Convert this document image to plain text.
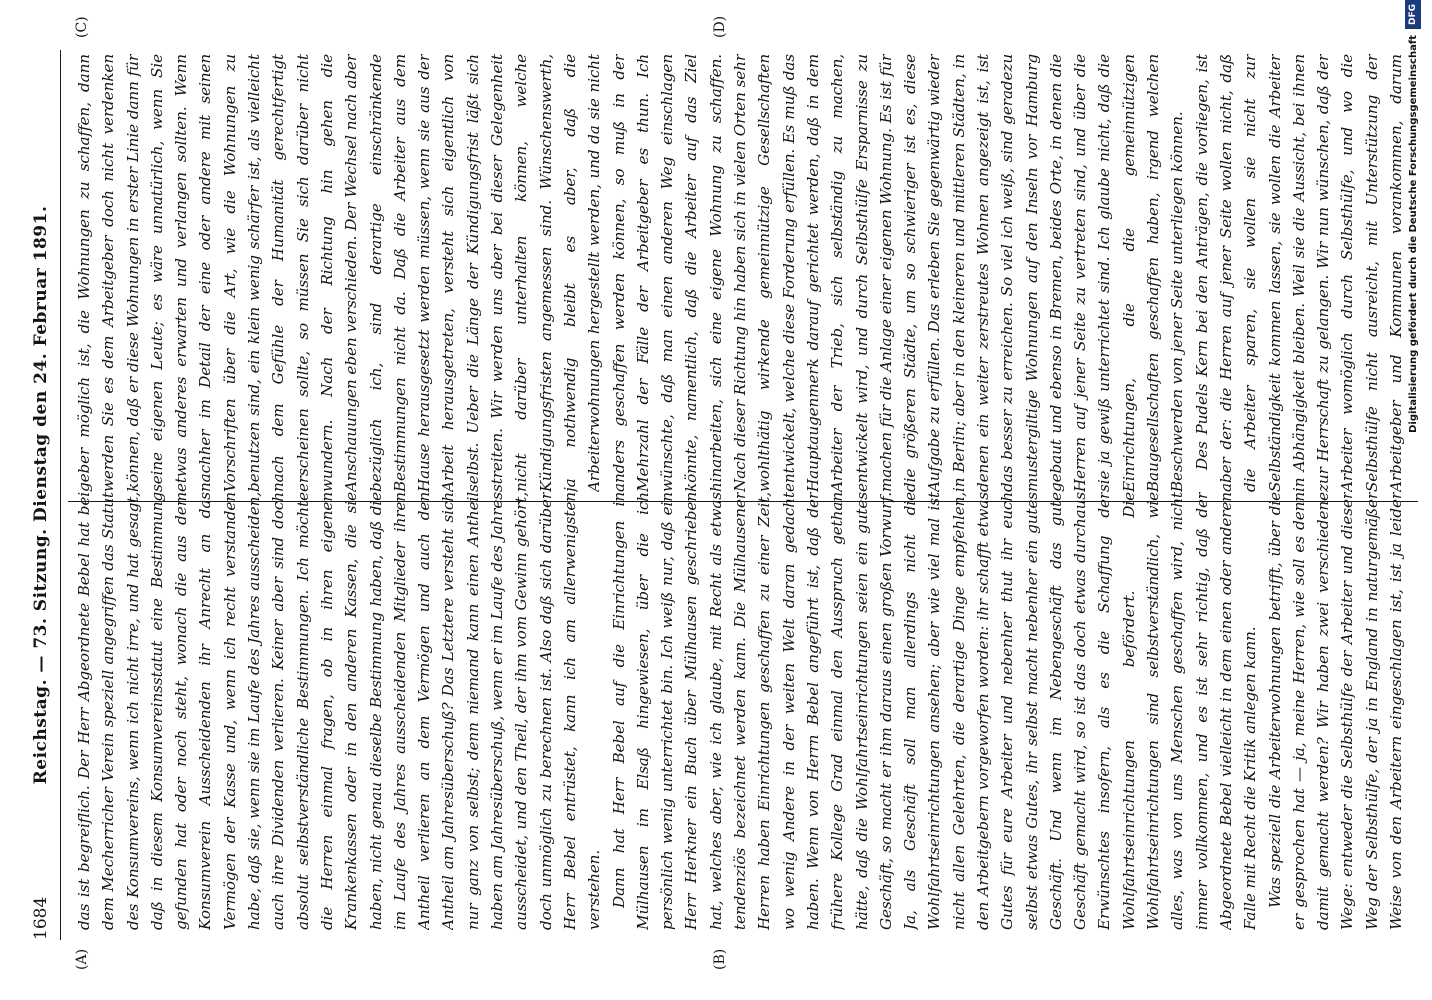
1684
Reichstag. — 73. Sitzung. Dienstag den 24. Februar 1891.
(A)	(B)
(C)	(D)

das ist begreiflich. Der Herr Abgeordnete Bebel hat bei dem Mecherricher Verein speziell angegriffen das Statut des Konsumvereins, wenn ich nicht irre, und hat gesagt, daß in diesem Konsumvereinsstatut eine Bestimmung gefunden hat oder noch steht, wonach die aus dem Konsumverein Ausscheidenden ihr Anrecht an das Vermögen der Kasse und, wenn ich recht verstanden habe, daß sie, wenn sie im Laufe des Jahres ausscheiden, auch ihre Dividenden verlieren. Keiner aber sind doch absolut selbstverständliche Bestimmungen. Ich möchte die Herren einmal fragen, ob in ihren eigenen Krankenkassen oder in den anderen Kassen, die sie haben, nicht genau dieselbe Bestimmung haben, daß die im Laufe des Jahres ausscheidenden Mitglieder ihren Antheil verlieren an dem Vermögen und auch den Antheil am Jahresüberschuß? Das Letztere versteht sich nur ganz von selbst; denn niemand kann einen Antheil haben am Jahresüberschuß, wenn er im Laufe des Jahres ausscheidet, und den Theil, der ihm vom Gewinn gehört, doch unmöglich zu berechnen ist. Also daß sich darüber Herr Bebel entrüstet, kann ich am allerwenigsten verstehen. Dann hat Herr Bebel auf die Einrichtungen in Mülhausen im Elsaß hingewiesen, über die ich persönlich wenig unterrichtet bin. Ich weiß nur, daß ein Herr Herkner ein Buch über Mülhausen geschrieben hat, welches aber, wie ich glaube, mit Recht als etwas tendenziös bezeichnet werden kann. Die Mülhausener Herren haben Einrichtungen geschaffen zu einer Zeit, wo wenig Andere in der weiten Welt daran gedacht haben. Wenn von Herrn Bebel angeführt ist, daß der frühere Kollege Grad einmal den Ausspruch gethan hätte, daß die Wohlfahrtseinrichtungen seien ein gutes Geschäft, so macht er ihm daraus einen großen Vorwurf. Ja, als Geschäft soll man allerdings nicht die Wohlfahrtseinrichtungen ansehen; aber wie viel mal ist nicht allen Gelehrten, die derartige Dinge empfehlen, den Arbeitgebern vorgeworfen worden: ihr schafft etwas Gutes für eure Arbeiter und nebenher thut ihr euch selbst etwas Gutes, ihr selbst macht nebenher ein gutes Geschäft. Und wenn im Nebengeschäft das gute Geschäft gemacht wird, so ist das doch etwas durchaus Erwünschtes insofern, als es die Schaffung der Wohlfahrtseinrichtungen befördert. Die Wohlfahrtseinrichtungen sind selbstverständlich, wie alles, was von uns Menschen geschaffen wird, nicht immer vollkommen, und es ist sehr richtig, daß der Abgeordnete Bebel vielleicht in dem einen oder anderen Falle mit Recht die Kritik anlegen kann. Was speziell die Arbeiterwohnungen betrifft, über die er gesprochen hat — ja, meine Herren, wie soll es denn damit gemacht werden? Wir haben zwei verschiedene Wege: entweder die Selbsthülfe der Arbeiter und dieser Weg der Selbsthülfe, der ja in England in naturgemäßer Weise von den Arbeitern eingeschlagen ist, ist ja leider

geber möglich ist, die Wohnungen zu schaffen, dann werden Sie es dem Arbeitgeber doch nicht verdenken können, daß er diese Wohnungen in erster Linie dann für seine eigenen Leute; es wäre unnatürlich, wenn Sie etwas anderes erwarten und verlangen sollten. Wenn nachher im Detail der eine oder andere mit seinen Vorschriften über die Art, wie die Wohnungen zu benutzen sind, ein klein wenig schärfer ist, als vielleicht nach dem Gefühle der Humanität gerechtfertigt erscheinen sollte, so müssen Sie sich darüber nicht wundern. Nach der Richtung hin gehen die Anschauungen eben verschieden. Der Wechsel nach aber bezüglich ich, sind derartige einschränkende Bestimmungen nicht da. Daß die Arbeiter aus dem Hause herausgesetzt werden müssen, wenn sie aus der Arbeit herausgetreten, versteht sich eigentlich von selbst. Ueber die Länge der Kündigungsfrist läßt sich streiten. Wir werden uns aber bei dieser Gelegenheit nicht darüber unterhalten können, welche Kündigungsfristen angemessen sind. Wünschenswerth, ja nothwendig bleibt es aber, daß die Arbeiterwohnungen hergestellt werden, und da sie nicht anders geschaffen werden können, so muß in der Mehrzahl der Fälle der Arbeitgeber es thun. Ich wünschte, daß man einen anderen Weg einschlagen könnte, namentlich, daß die Arbeiter auf das Ziel hinarbeiten, sich eine eigene Wohnung zu schaffen. Nach dieser Richtung hin haben sich in vielen Orten sehr wohlthätig wirkende gemeinnützige Gesellschaften entwickelt, welche diese Forderung erfüllen. Es muß das Hauptaugenmerk darauf gerichtet werden, daß in dem Arbeiter der Trieb, sich selbständig zu machen, entwickelt wird, und durch Selbsthülfe Ersparnisse zu machen für die Anlage einer eigenen Wohnung. Es ist für die größeren Städte, um so schwieriger ist es, diese Aufgabe zu erfüllen. Das erleben Sie gegenwärtig wieder in Berlin; aber in den kleineren und mittleren Städten, in denen ein weiter zerstreutes Wohnen angezeigt ist, ist das besser zu erreichen. So viel ich weiß, sind geradezu mustergiltige Wohnungen auf den Inseln vor Hamburg gebaut und ebenso in Bremen, beides Orte, in denen die Herren auf jener Seite zu vertreten sind, und über die sie ja gewiß unterrichtet sind. Ich glaube nicht, daß die Einrichtungen, die die gemeinnützigen Baugesellschaften geschaffen haben, irgend welchen Beschwerden von jener Seite unterliegen können. Des Pudels Kern bei den Anträgen, die vorliegen, ist aber der: die Herren auf jener Seite wollen nicht, daß die Arbeiter sparen, sie wollen sie nicht zur Selbständigkeit kommen lassen, sie wollen die Arbeiter in Abhängigkeit bleiben. Weil sie die Aussicht, bei ihnen zur Herrschaft zu gelangen. Wir nun wünschen, daß der Arbeiter womöglich durch Selbsthülfe, und wo die Selbsthülfe nicht ausreicht, mit Unterstützung der Arbeitgeber und Kommunen vorankommen, darum Digitalisierung gefördert durch die Deutsche ForschungsgemeinschaftDFG
